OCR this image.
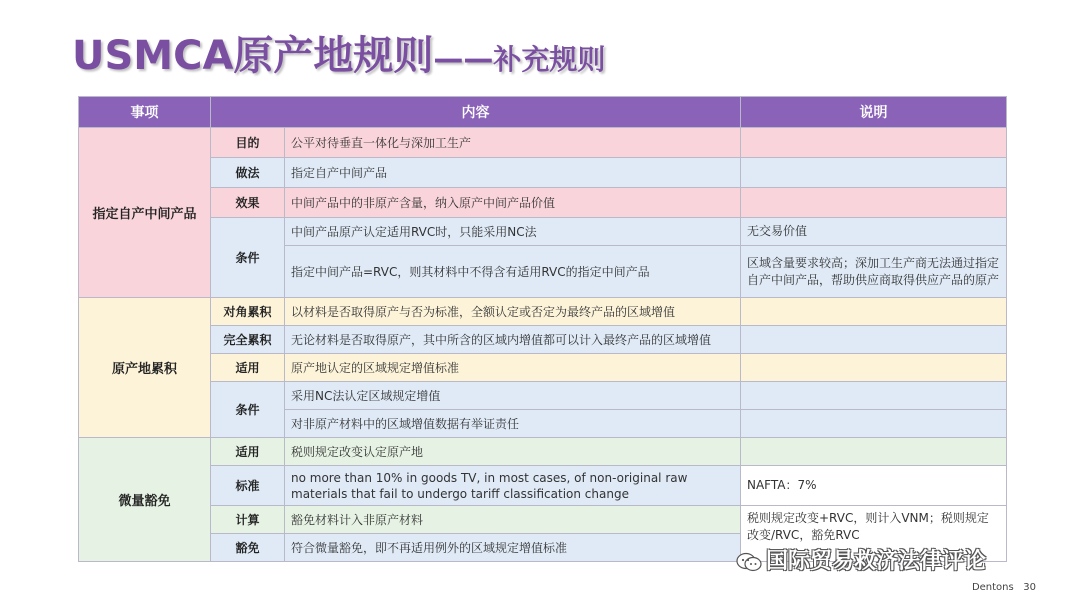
USMCA原产地规则——补充规则
事项	内容		说明
指定自产中间产品	目的	公平对待垂直一体化与深加工生产	
	做法	指定自产中间产品	
	效果	中间产品中的非原产含量，纳入原产中间产品价值	
	条件	中间产品原产认定适用RVC时，只能采用NC法	无交易价值
		指定中间产品=RVC，则其材料中不得含有适用RVC的指定中间产品	区域含量要求较高；深加工生产商无法通过指定自产中间产品，帮助供应商取得供应产品的原产
原产地累积	对角累积	以材料是否取得原产与否为标准，全额认定或否定为最终产品的区域增值	
	完全累积	无论材料是否取得原产，其中所含的区域内增值都可以计入最终产品的区域增值	
	适用	原产地认定的区域规定增值标准	
	条件	采用NC法认定区域规定增值	
		对非原产材料中的区域增值数据有举证责任	
微量豁免	适用	税则规定改变认定原产地	
	标准	no more than 10% in goods TV, in most cases, of non-original raw materials that fail to undergo tariff classification change	NAFTA：7%
	计算	豁免材料计入非原产材料	税则规定改变+RVC，则计入VNM；税则规定改变/RVC，豁免RVC
	豁免	符合微量豁免，即不再适用例外的区域规定增值标准	
国际贸易救济法律评论
Dentons 30
